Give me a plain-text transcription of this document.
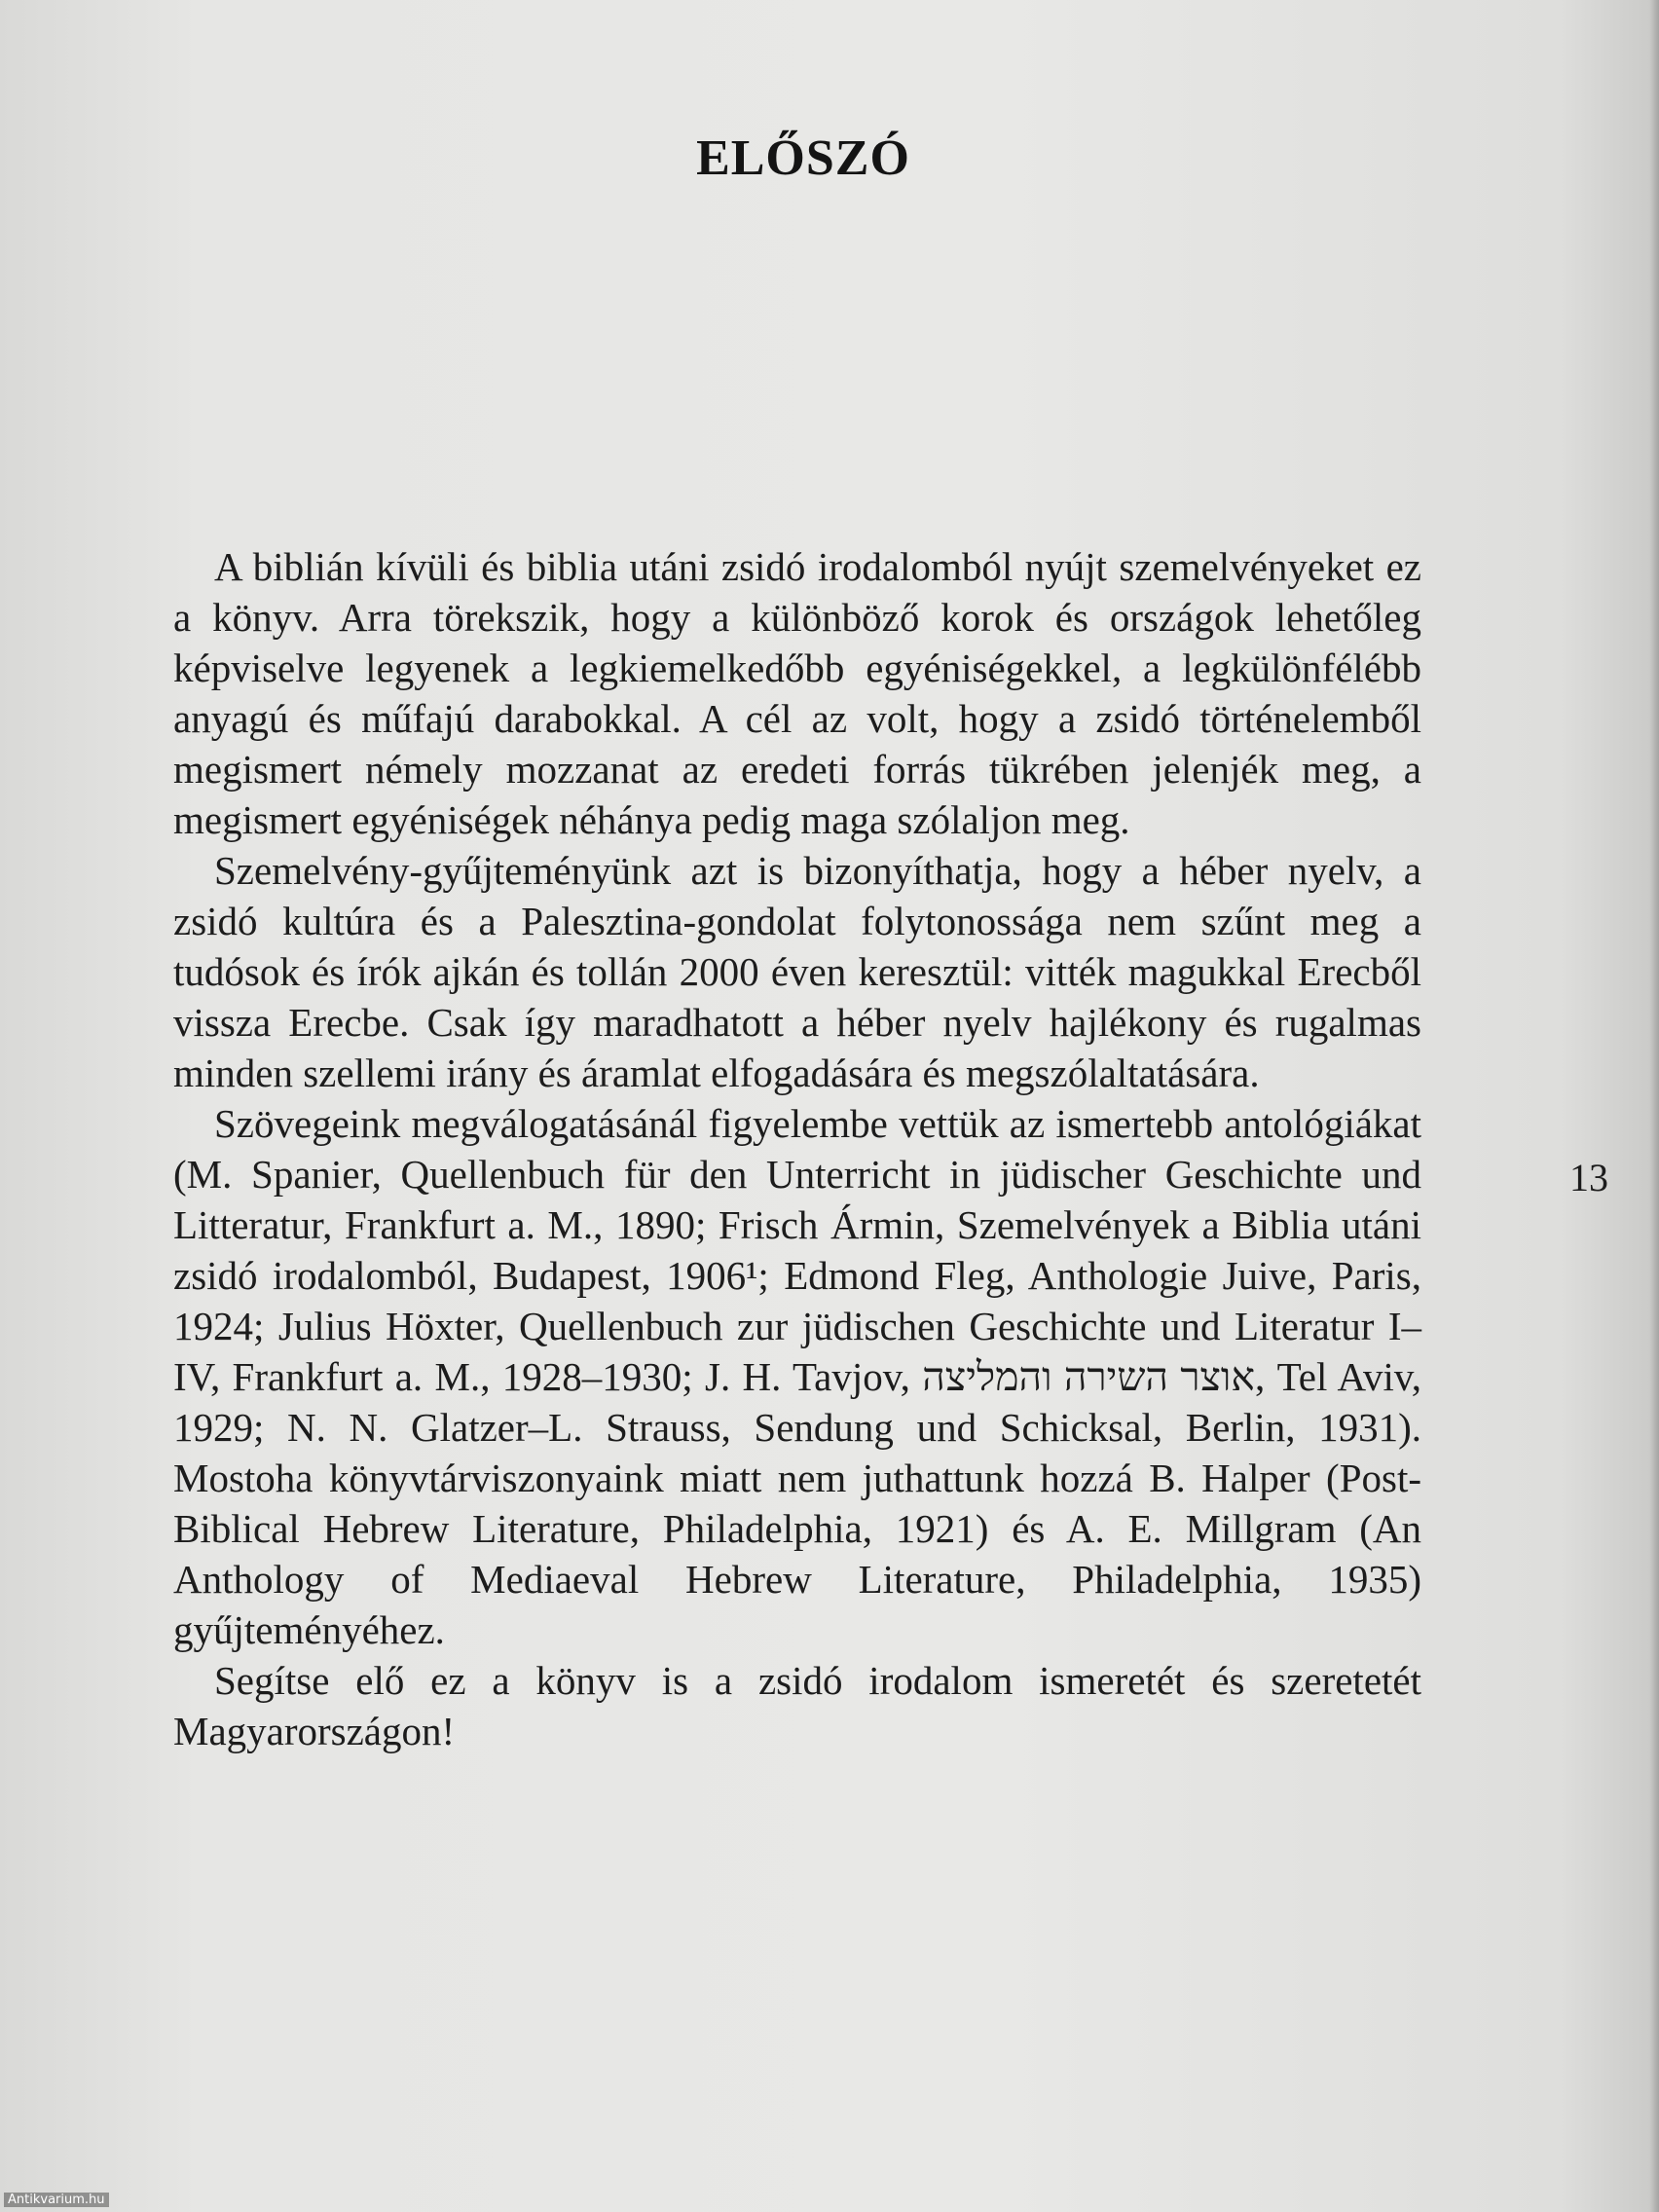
ELŐSZÓ

A biblián kívüli és biblia utáni zsidó irodalomból nyújt szemelvényeket ez a könyv. Arra törekszik, hogy a különböző korok és országok lehetőleg képviselve legyenek a legkiemelkedőbb egyéniségekkel, a legkülönfélébb anyagú és műfajú darabokkal. A cél az volt, hogy a zsidó történelemből megismert némely mozzanat az eredeti forrás tükrében jelenjék meg, a megismert egyéniségek néhánya pedig maga szólaljon meg.

Szemelvény-gyűjteményünk azt is bizonyíthatja, hogy a héber nyelv, a zsidó kultúra és a Palesztina-gondolat folytonossága nem szűnt meg a tudósok és írók ajkán és tollán 2000 éven keresztül: vitték magukkal Erecből vissza Erecbe. Csak így maradhatott a héber nyelv hajlékony és rugalmas minden szellemi irány és áramlat elfogadására és megszólaltatására.

Szövegeink megválogatásánál figyelembe vettük az ismertebb antológiákat (M. Spanier, Quellenbuch für den Unterricht in jüdischer Geschichte und Litteratur, Frankfurt a. M., 1890; Frisch Ármin, Szemelvények a Biblia utáni zsidó irodalomból, Budapest, 1906¹; Edmond Fleg, Anthologie Juive, Paris, 1924; Julius Höxter, Quellenbuch zur jüdischen Geschichte und Literatur I–IV, Frankfurt a. M., 1928–1930; J. H. Tavjov, אוצר השירה והמליצה, Tel Aviv, 1929; N. N. Glatzer–L. Strauss, Sendung und Schicksal, Berlin, 1931). Mostoha könyvtárviszonyaink miatt nem juthattunk hozzá B. Halper (Post-Biblical Hebrew Literature, Philadelphia, 1921) és A. E. Millgram (An Anthology of Mediaeval Hebrew Literature, Philadelphia, 1935) gyűjteményéhez.

Segítse elő ez a könyv is a zsidó irodalom ismeretét és szeretetét Magyarországon!

13
Antikvarium.hu
